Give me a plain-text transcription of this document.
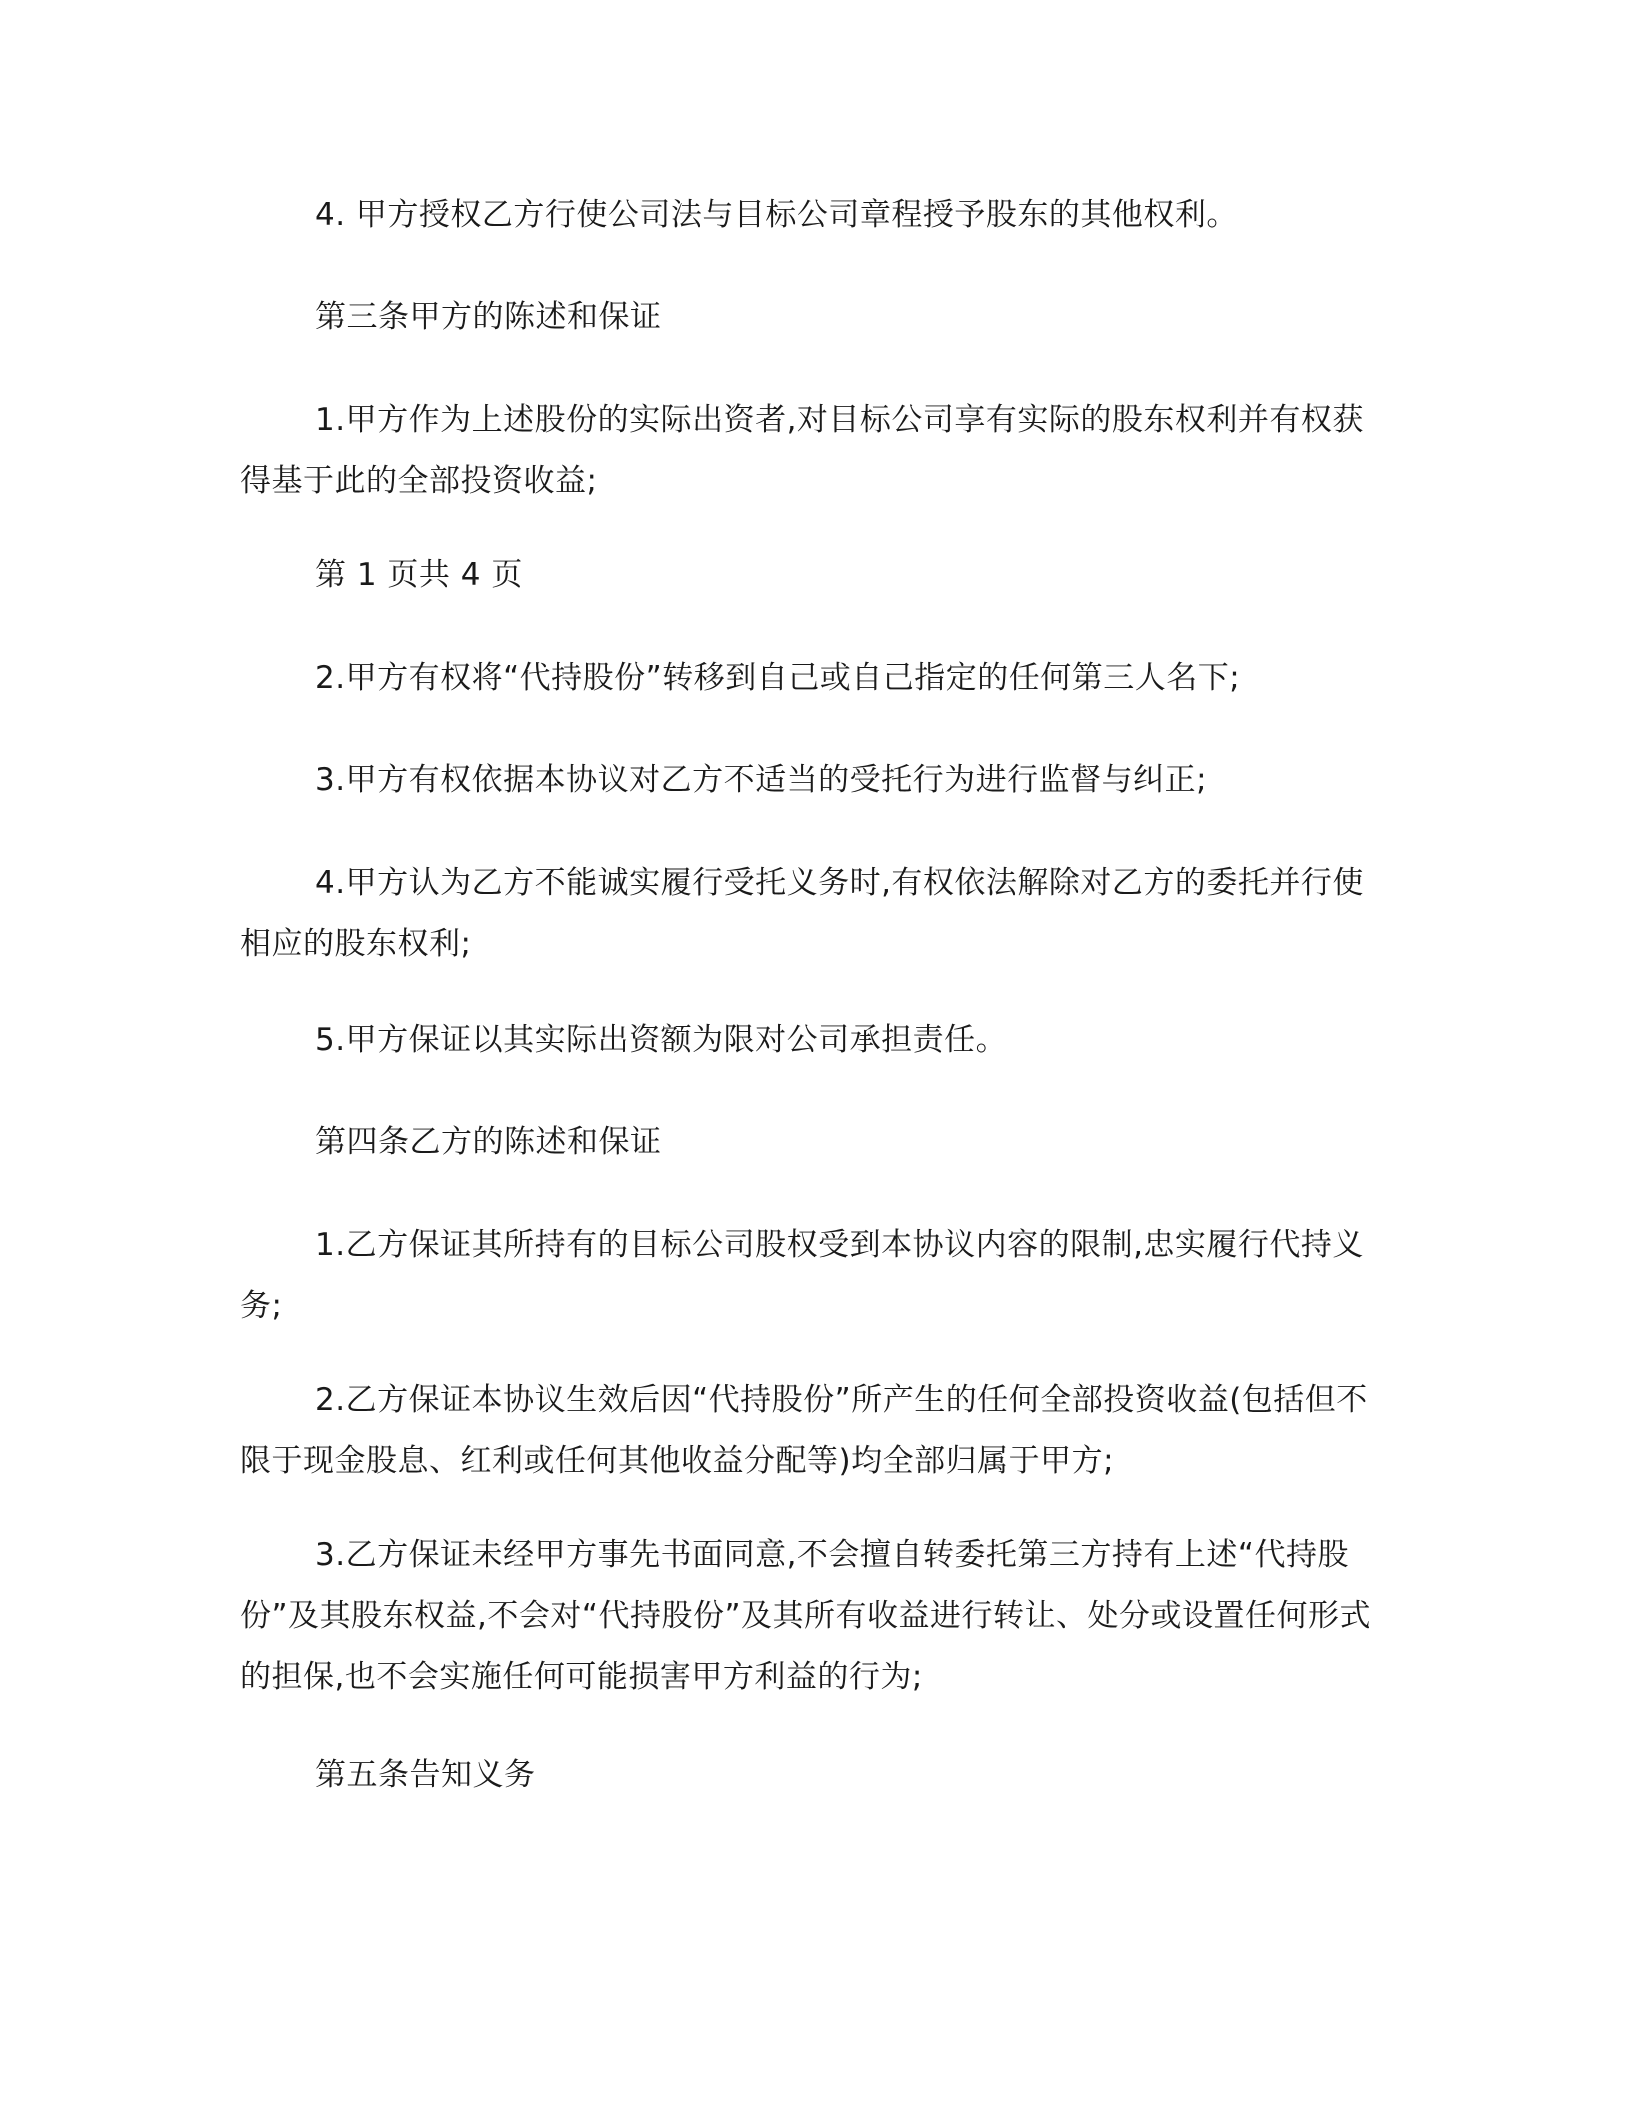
4. 甲方授权乙方行使公司法与目标公司章程授予股东的其他权利。

第三条甲方的陈述和保证

1.甲方作为上述股份的实际出资者,对目标公司享有实际的股东权利并有权获得基于此的全部投资收益;

第 1 页共 4 页

2.甲方有权将“代持股份”转移到自己或自己指定的任何第三人名下;

3.甲方有权依据本协议对乙方不适当的受托行为进行监督与纠正;

4.甲方认为乙方不能诚实履行受托义务时,有权依法解除对乙方的委托并行使相应的股东权利;

5.甲方保证以其实际出资额为限对公司承担责任。

第四条乙方的陈述和保证

1.乙方保证其所持有的目标公司股权受到本协议内容的限制,忠实履行代持义务;

2.乙方保证本协议生效后因“代持股份”所产生的任何全部投资收益(包括但不限于现金股息、红利或任何其他收益分配等)均全部归属于甲方;

3.乙方保证未经甲方事先书面同意,不会擅自转委托第三方持有上述“代持股份”及其股东权益,不会对“代持股份”及其所有收益进行转让、处分或设置任何形式的担保,也不会实施任何可能损害甲方利益的行为;

第五条告知义务
